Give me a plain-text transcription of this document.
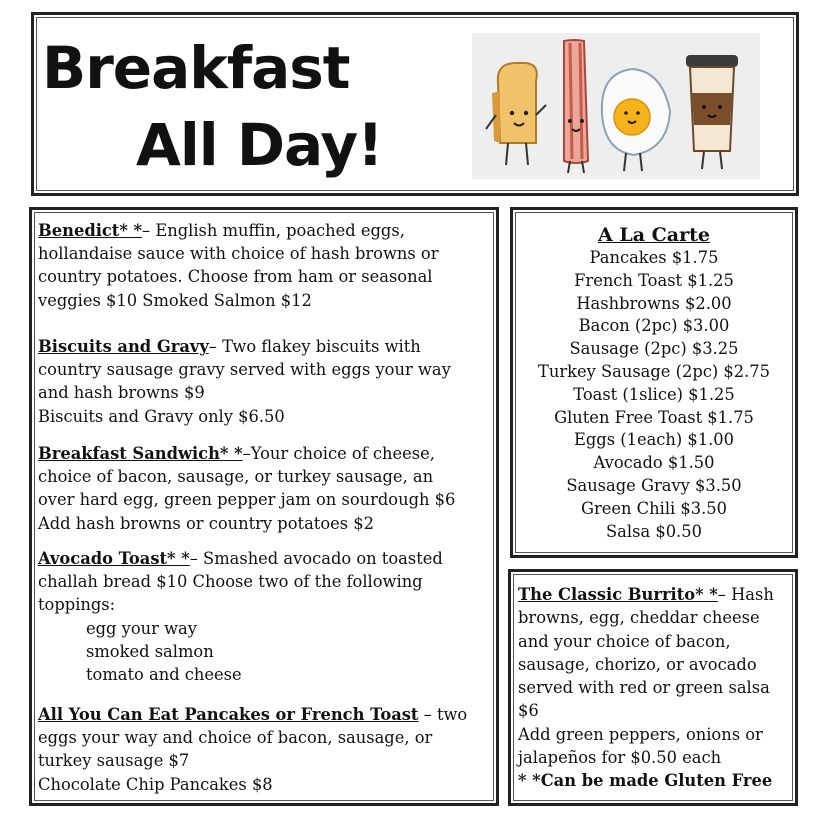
Breakfast
All Day!
Benedict* *– English muffin, poached eggs,
hollandaise sauce with choice of hash browns or
country potatoes. Choose from ham or seasonal
veggies $10 Smoked Salmon $12
Biscuits and Gravy– Two flakey biscuits with
country sausage gravy served with eggs your way
and hash browns $9
Biscuits and Gravy only $6.50
Breakfast Sandwich* *–Your choice of cheese,
choice of bacon, sausage, or turkey sausage, an
over hard egg, green pepper jam on sourdough $6
Add hash browns or country potatoes $2
Avocado Toast* *– Smashed avocado on toasted
challah bread $10 Choose two of the following
toppings:
egg your way
smoked salmon
tomato and cheese
All You Can Eat Pancakes or French Toast – two
eggs your way and choice of bacon, sausage, or
turkey sausage $7
Chocolate Chip Pancakes $8
A La Carte
Pancakes $1.75
French Toast $1.25
Hashbrowns $2.00
Bacon (2pc) $3.00
Sausage (2pc) $3.25
Turkey Sausage (2pc) $2.75
Toast (1slice) $1.25
Gluten Free Toast $1.75
Eggs (1each) $1.00
Avocado $1.50
Sausage Gravy $3.50
Green Chili $3.50
Salsa $0.50
The Classic Burrito* *– Hash
browns, egg, cheddar cheese
and your choice of bacon,
sausage, chorizo, or avocado
served with red or green salsa
$6
Add green peppers, onions or
jalapeños for $0.50 each
* *Can be made Gluten Free
